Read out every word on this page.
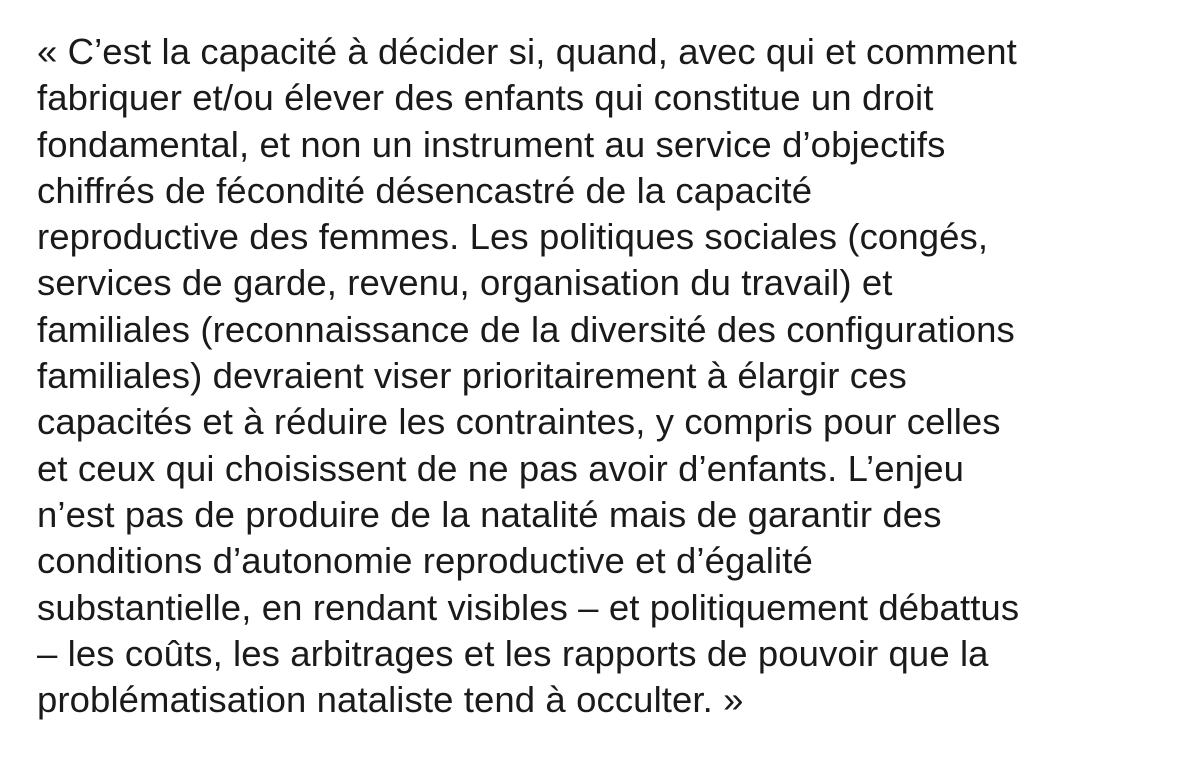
« C’est la capacité à décider si, quand, avec qui et comment
fabriquer et/ou élever des enfants qui constitue un droit
fondamental, et non un instrument au service d’objectifs
chiffrés de fécondité désencastré de la capacité
reproductive des femmes. Les politiques sociales (congés,
services de garde, revenu, organisation du travail) et
familiales (reconnaissance de la diversité des configurations
familiales) devraient viser prioritairement à élargir ces
capacités et à réduire les contraintes, y compris pour celles
et ceux qui choisissent de ne pas avoir d’enfants. L’enjeu
n’est pas de produire de la natalité mais de garantir des
conditions d’autonomie reproductive et d’égalité
substantielle, en rendant visibles – et politiquement débattus
– les coûts, les arbitrages et les rapports de pouvoir que la
problématisation nataliste tend à occulter. »
